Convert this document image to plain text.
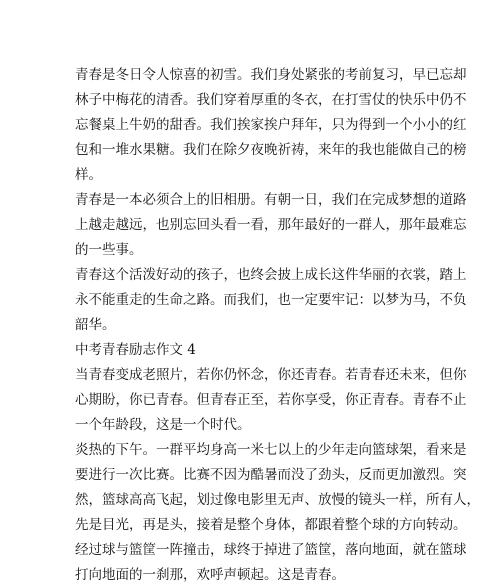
青春是冬日令人惊喜的初雪。我们身处紧张的考前复习，早已忘却
林子中梅花的清香。我们穿着厚重的冬衣，在打雪仗的快乐中仍不
忘餐桌上牛奶的甜香。我们挨家挨户拜年，只为得到一个小小的红
包和一堆水果糖。我们在除夕夜晚祈祷，来年的我也能做自己的榜
样。
青春是一本必须合上的旧相册。有朝一日，我们在完成梦想的道路
上越走越远，也别忘回头看一看，那年最好的一群人，那年最难忘
的一些事。
青春这个活泼好动的孩子，也终会披上成长这件华丽的衣裳，踏上
永不能重走的生命之路。而我们，也一定要牢记：以梦为马，不负
韶华。
中考青春励志作文 4
当青春变成老照片，若你仍怀念，你还青春。若青春还未来，但你
心期盼，你已青春。但青春正至，若你享受，你正青春。青春不止
一个年龄段，这是一个时代。
炎热的下午。一群平均身高一米七以上的少年走向篮球架，看来是
要进行一次比赛。比赛不因为酷暑而没了劲头，反而更加激烈。突
然，篮球高高飞起，划过像电影里无声、放慢的镜头一样，所有人，
先是目光，再是头，接着是整个身体，都跟着整个球的方向转动。
经过球与篮筐一阵撞击，球终于掉进了篮筐，落向地面，就在篮球
打向地面的一刹那，欢呼声顿起。这是青春。
